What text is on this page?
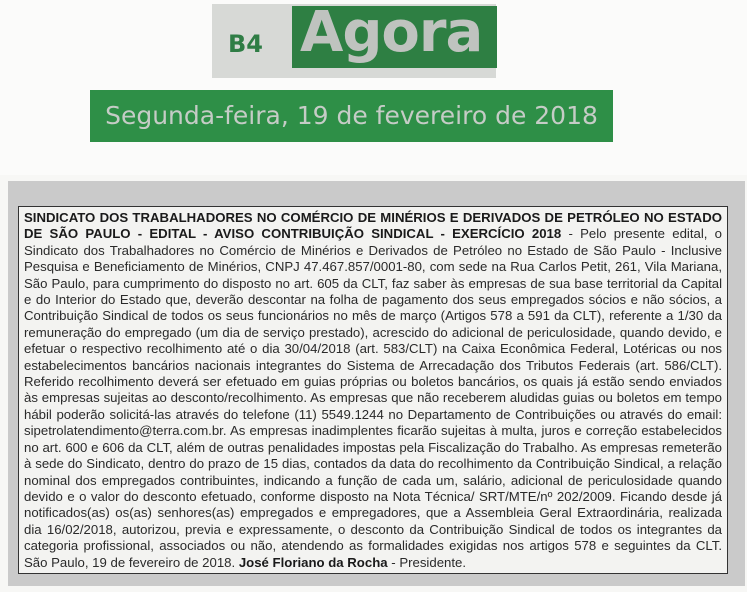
B4 Agora
Segunda-feira, 19 de fevereiro de 2018

SINDICATO DOS TRABALHADORES NO COMÉRCIO DE MINÉRIOS E DERIVADOS DE PETRÓLEO NO ESTADO DE SÃO PAULO - EDITAL - AVISO CONTRIBUIÇÃO SINDICAL - EXERCÍCIO 2018 - Pelo presente edital, o Sindicato dos Trabalhadores no Comércio de Minérios e Derivados de Petróleo no Estado de São Paulo - Inclusive Pesquisa e Beneficiamento de Minérios, CNPJ 47.467.857/0001-80, com sede na Rua Carlos Petit, 261, Vila Mariana, São Paulo, para cumprimento do disposto no art. 605 da CLT, faz saber às empresas de sua base territorial da Capital e do Interior do Estado que, deverão descontar na folha de pagamento dos seus empregados sócios e não sócios, a Contribuição Sindical de todos os seus funcionários no mês de março (Artigos 578 a 591 da CLT), referente a 1/30 da remuneração do empregado (um dia de serviço prestado), acrescido do adicional de periculosidade, quando devido, e efetuar o respectivo recolhimento até o dia 30/04/2018 (art. 583/CLT) na Caixa Econômica Federal, Lotéricas ou nos estabelecimentos bancários nacionais integrantes do Sistema de Arrecadação dos Tributos Federais (art. 586/CLT). Referido recolhimento deverá ser efetuado em guias próprias ou boletos bancários, os quais já estão sendo enviados às empresas sujeitas ao desconto/recolhimento. As empresas que não receberem aludidas guias ou boletos em tempo hábil poderão solicitá-las através do telefone (11) 5549.1244 no Departamento de Contribuições ou através do email: sipetrolatendimento@terra.com.br. As empresas inadimplentes ficarão sujeitas à multa, juros e correção estabelecidos no art. 600 e 606 da CLT, além de outras penalidades impostas pela Fiscalização do Trabalho. As empresas remeterão à sede do Sindicato, dentro do prazo de 15 dias, contados da data do recolhimento da Contribuição Sindical, a relação nominal dos empregados contribuintes, indicando a função de cada um, salário, adicional de periculosidade quando devido e o valor do desconto efetuado, conforme disposto na Nota Técnica/ SRT/MTE/nº 202/2009. Ficando desde já notificados(as) os(as) senhores(as) empregados e empregadores, que a Assembleia Geral Extraordinária, realizada dia 16/02/2018, autorizou, previa e expressamente, o desconto da Contribuição Sindical de todos os integrantes da categoria profissional, associados ou não, atendendo as formalidades exigidas nos artigos 578 e seguintes da CLT. São Paulo, 19 de fevereiro de 2018. José Floriano da Rocha - Presidente.
